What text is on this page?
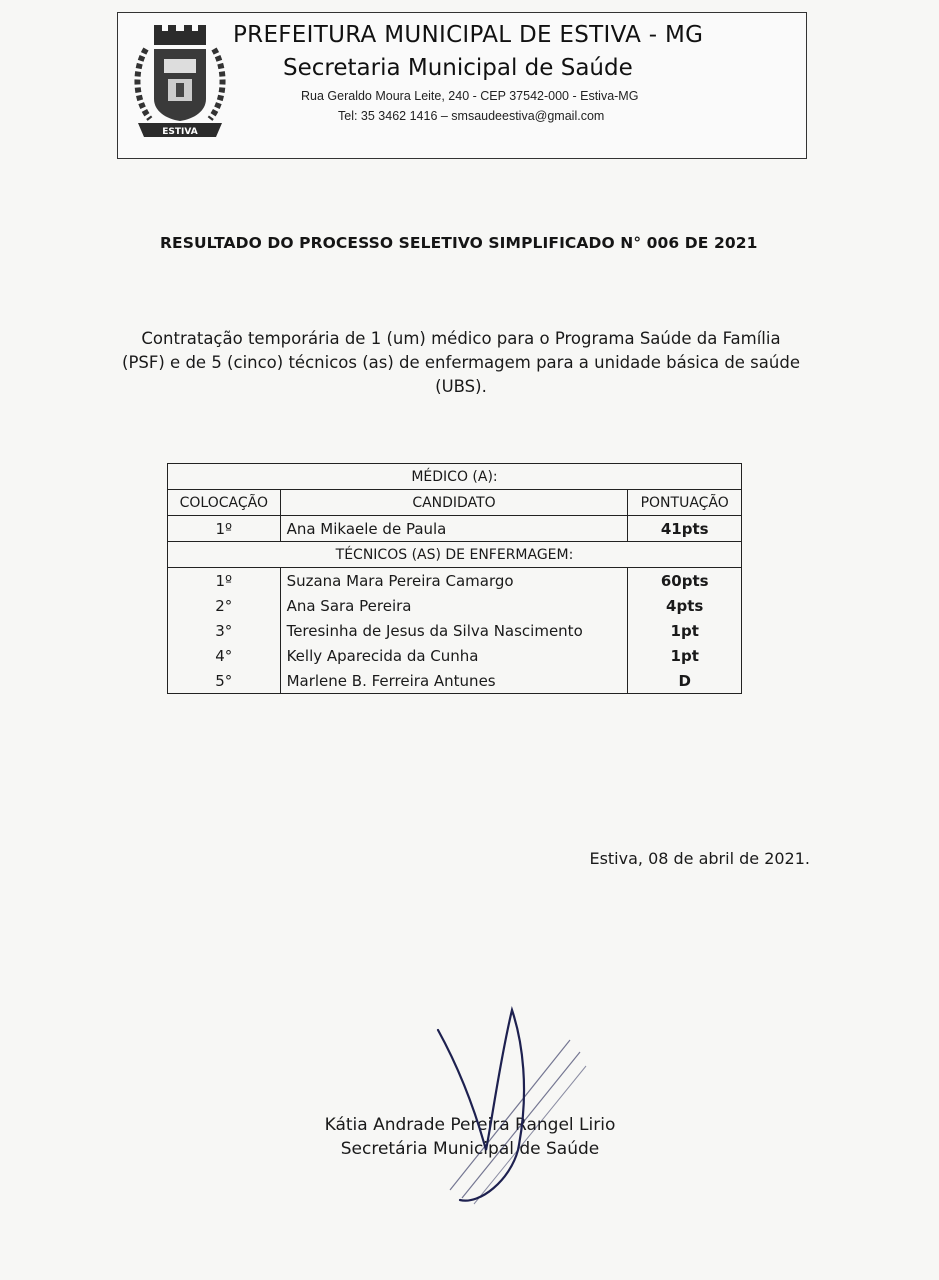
ESTIVA
PREFEITURA MUNICIPAL DE ESTIVA - MG
Secretaria Municipal de Saúde
Rua Geraldo Moura Leite, 240 - CEP 37542-000 - Estiva-MG
Tel: 35 3462 1416 – smsaudeestiva@gmail.com
RESULTADO DO PROCESSO SELETIVO SIMPLIFICADO N° 006 DE 2021
Contratação temporária de 1 (um) médico para o Programa Saúde da Família (PSF) e de 5 (cinco) técnicos (as) de enfermagem para a unidade básica de saúde (UBS).
MÉDICO (A):		
COLOCAÇÃO	CANDIDATO	PONTUAÇÃO
1º	Ana Mikaele de Paula	41pts
TÉCNICOS (AS) DE ENFERMAGEM:		
1º	Suzana Mara Pereira Camargo	60pts
2°	Ana Sara Pereira	4pts
3°	Teresinha de Jesus da Silva Nascimento	1pt
4°	Kelly Aparecida da Cunha	1pt
5°	Marlene B. Ferreira Antunes	D
Estiva, 08 de abril de 2021.
Kátia Andrade Pereira Rangel Lirio
Secretária Municipal de Saúde
